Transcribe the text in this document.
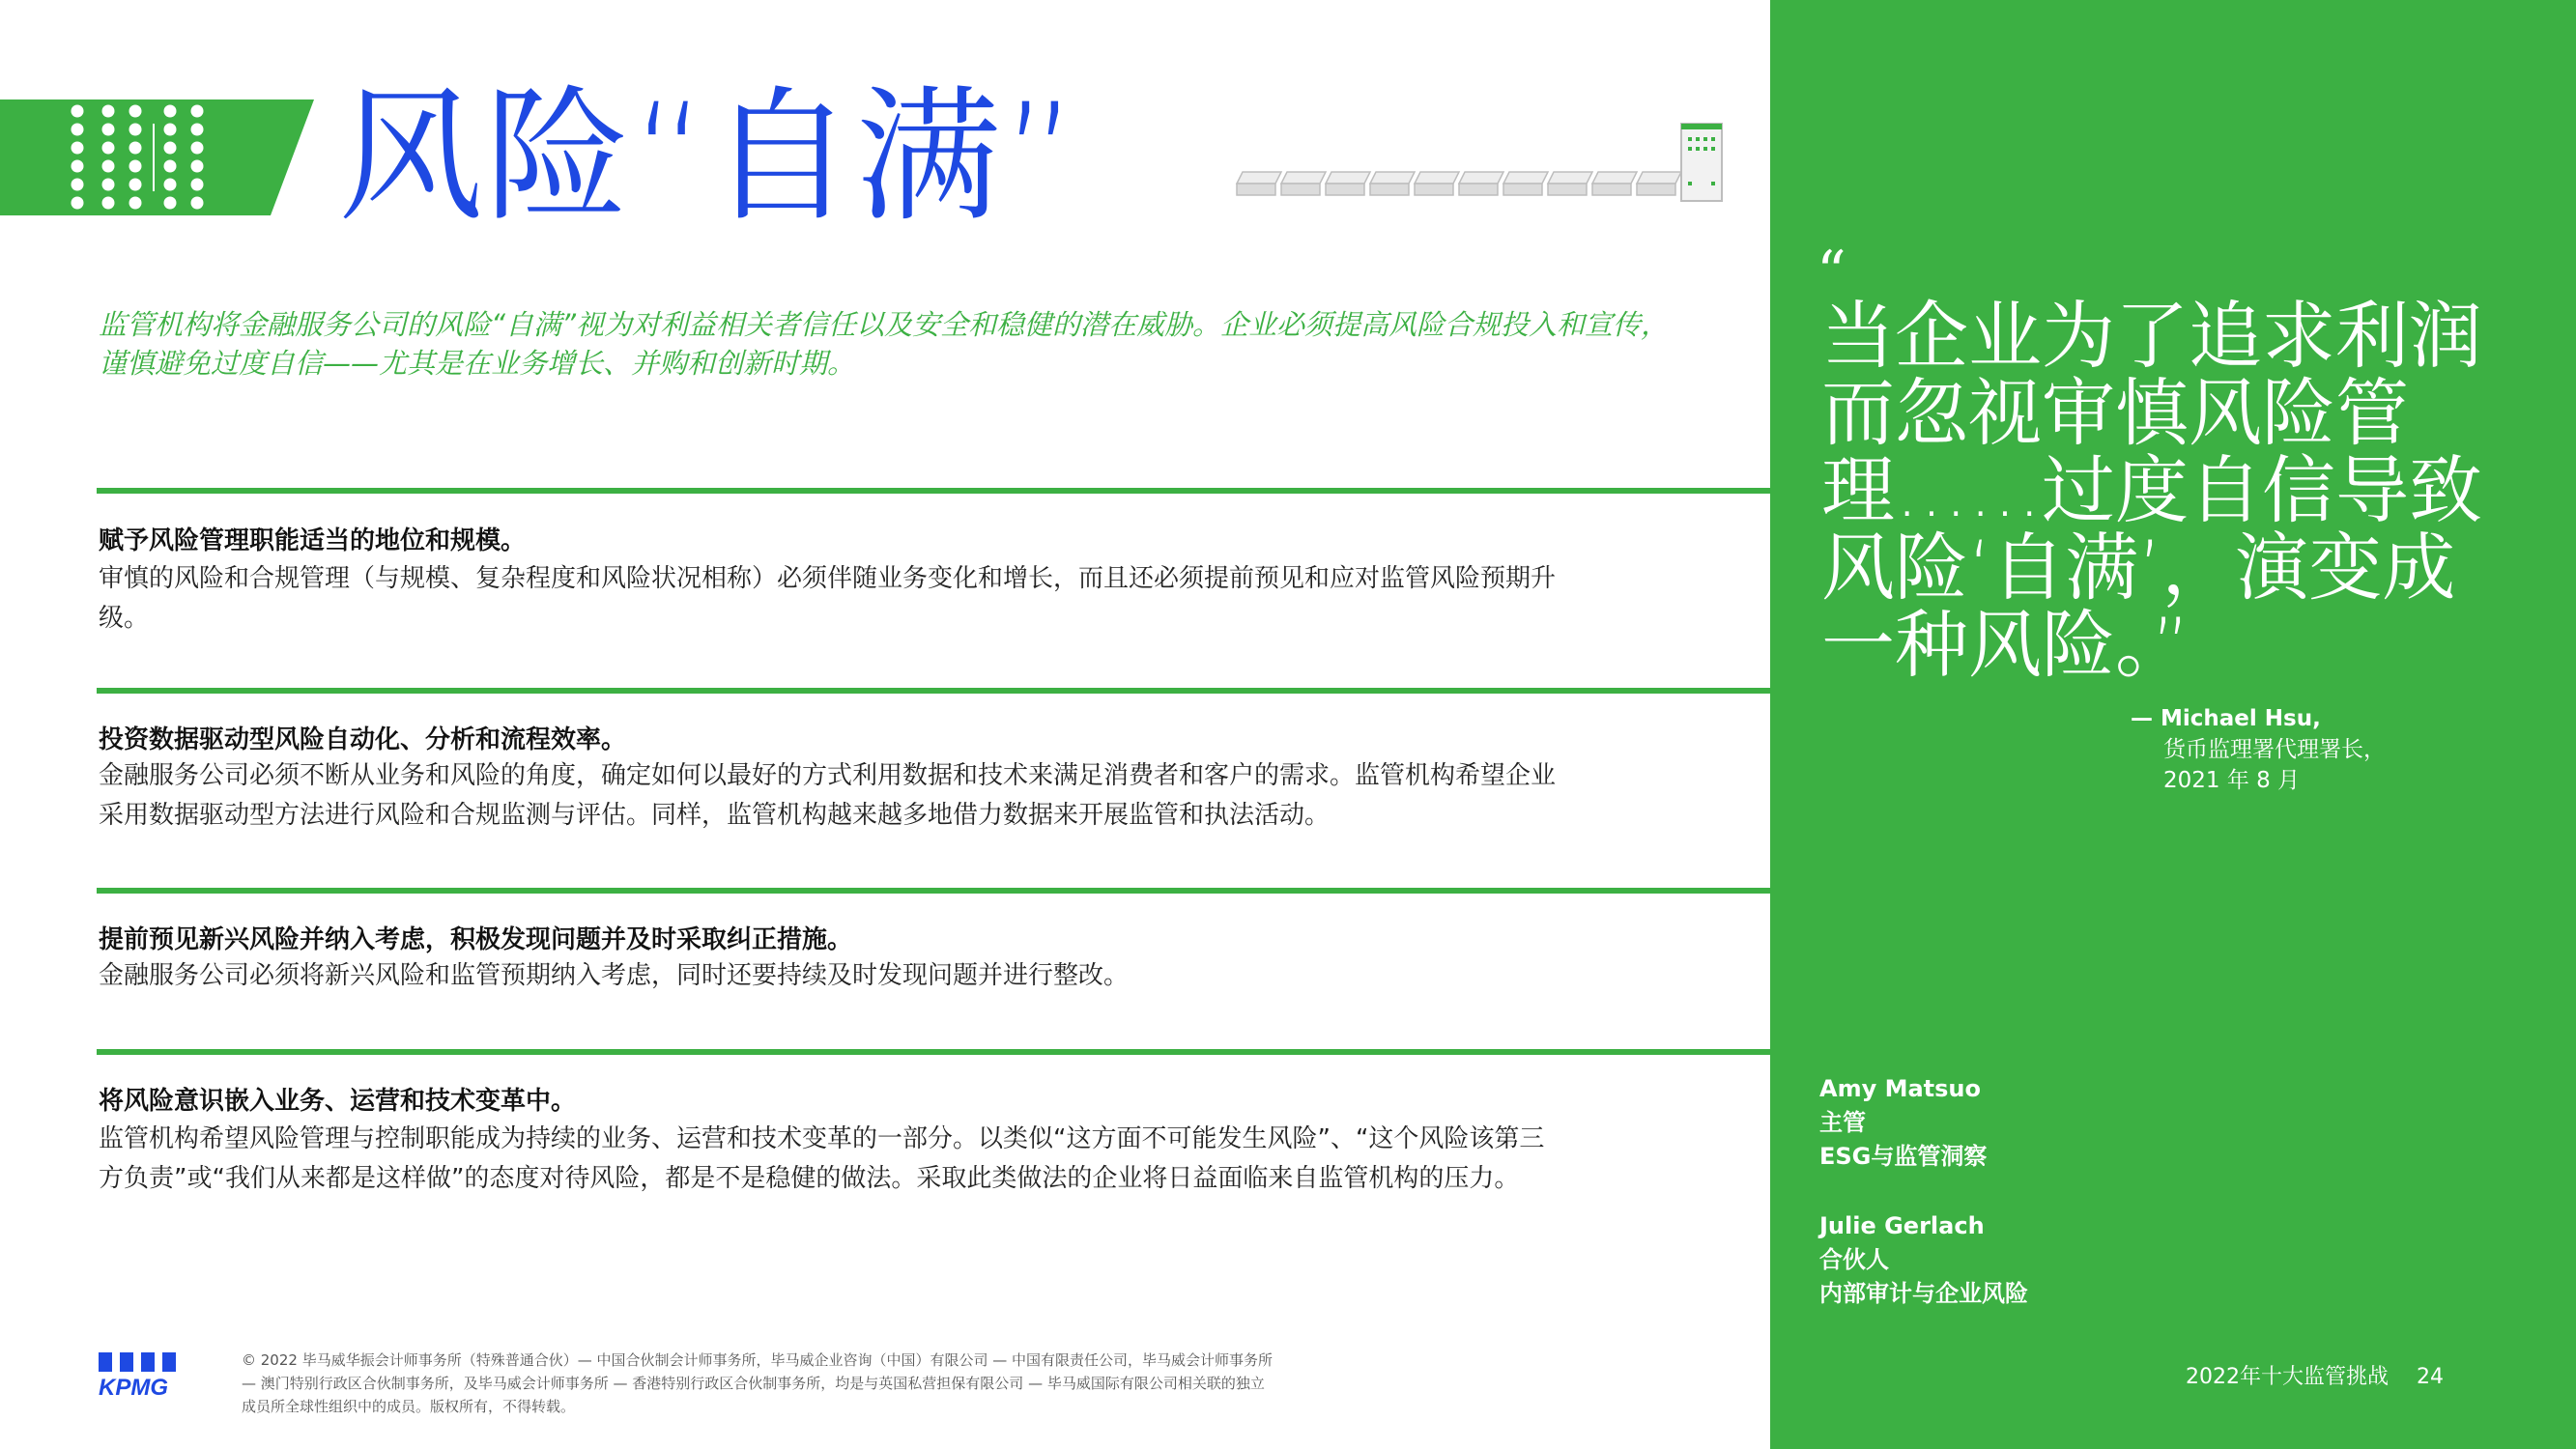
风险“自满”
监管机构将金融服务公司的风险“自满”视为对利益相关者信任以及安全和稳健的潜在威胁。企业必须提高风险合规投入和宣传，谨慎避免过度自信——尤其是在业务增长、并购和创新时期。
赋予风险管理职能适当的地位和规模。
审慎的风险和合规管理（与规模、复杂程度和风险状况相称）必须伴随业务变化和增长，而且还必须提前预见和应对监管风险预期升级。
投资数据驱动型风险自动化、分析和流程效率。
金融服务公司必须不断从业务和风险的角度，确定如何以最好的方式利用数据和技术来满足消费者和客户的需求。监管机构希望企业采用数据驱动型方法进行风险和合规监测与评估。同样，监管机构越来越多地借力数据来开展监管和执法活动。
提前预见新兴风险并纳入考虑，积极发现问题并及时采取纠正措施。
金融服务公司必须将新兴风险和监管预期纳入考虑，同时还要持续及时发现问题并进行整改。
将风险意识嵌入业务、运营和技术变革中。
监管机构希望风险管理与控制职能成为持续的业务、运营和技术变革的一部分。以类似“这方面不可能发生风险”、“这个风险该第三方负责”或“我们从来都是这样做”的态度对待风险，都是不是稳健的做法。采取此类做法的企业将日益面临来自监管机构的压力。
“
当企业为了追求利润而忽视审慎风险管理……过度自信导致风险‘自满’，演变成一种风险。”
— Michael Hsu,
货币监理署代理署长，2021 年 8 月
Amy Matsuo
主管
ESG与监管洞察
Julie Gerlach
合伙人
内部审计与企业风险
KPMG
© 2022 毕马威华振会计师事务所（特殊普通合伙）— 中国合伙制会计师事务所，毕马威企业咨询（中国）有限公司 — 中国有限责任公司，毕马威会计师事务所 — 澳门特别行政区合伙制事务所，及毕马威会计师事务所 — 香港特别行政区合伙制事务所，均是与英国私营担保有限公司 — 毕马威国际有限公司相关联的独立成员所全球性组织中的成员。版权所有，不得转载。
2022年十大监管挑战 24
